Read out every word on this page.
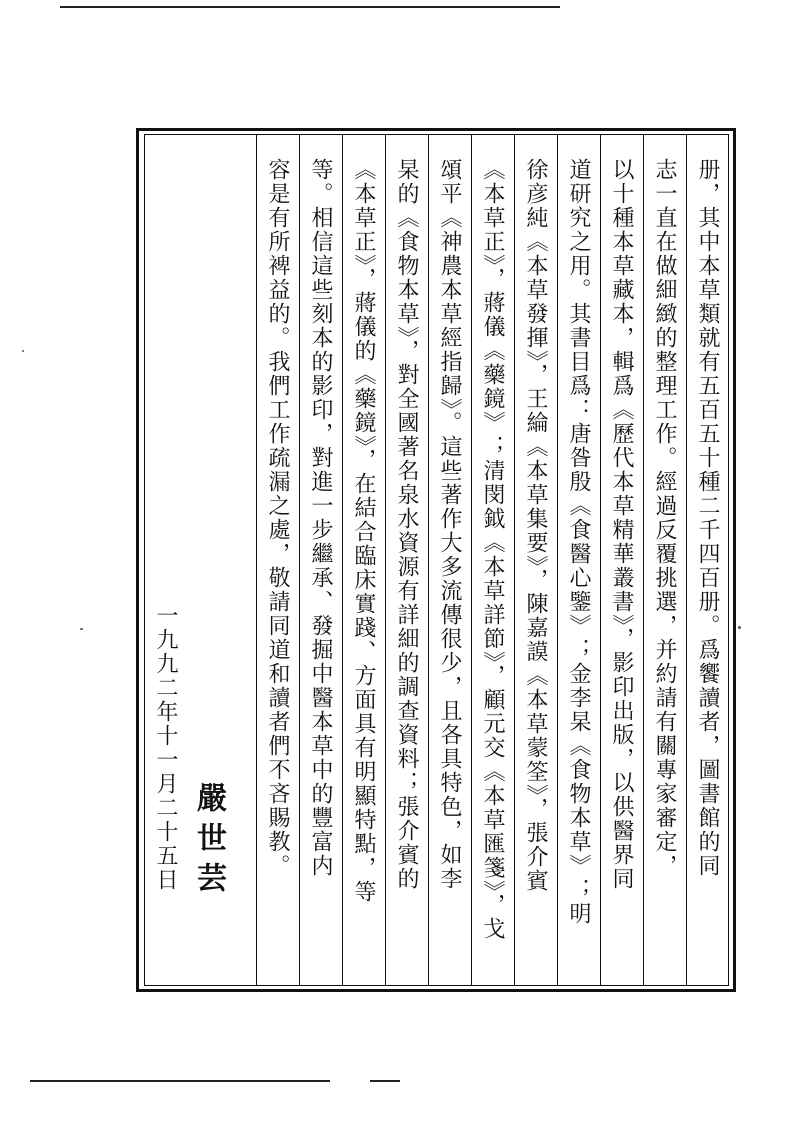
册，其中本草類就有五百五十種二千四百册。爲饗讀者，圖書館的同
志一直在做細緻的整理工作。經過反覆挑選，并約請有關專家審定，
以十種本草藏本，輯爲《歷代本草精華叢書》，影印出版，以供醫界同
道研究之用。其書目爲：唐昝殷《食醫心鑒》；金李杲《食物本草》；明
徐彦純《本草發揮》，王綸《本草集要》，陳嘉謨《本草蒙筌》，張介賓
《本草正》，蔣儀《藥鏡》；清閔鉞《本草詳節》，顧元交《本草匯箋》，戈
頌平《神農本草經指歸》。這些著作大多流傳很少，且各具特色，如李
杲的《食物本草》，對全國著名泉水資源有詳細的調查資料；張介賓的
《本草正》，蔣儀的《藥鏡》，在結合臨床實踐、方面具有明顯特點，等
等。相信這些刻本的影印，對進一步繼承、發掘中醫本草中的豐富内
容是有所裨益的。我們工作疏漏之處，敬請同道和讀者們不吝賜教。
嚴世芸
一九九二年十一月二十五日
